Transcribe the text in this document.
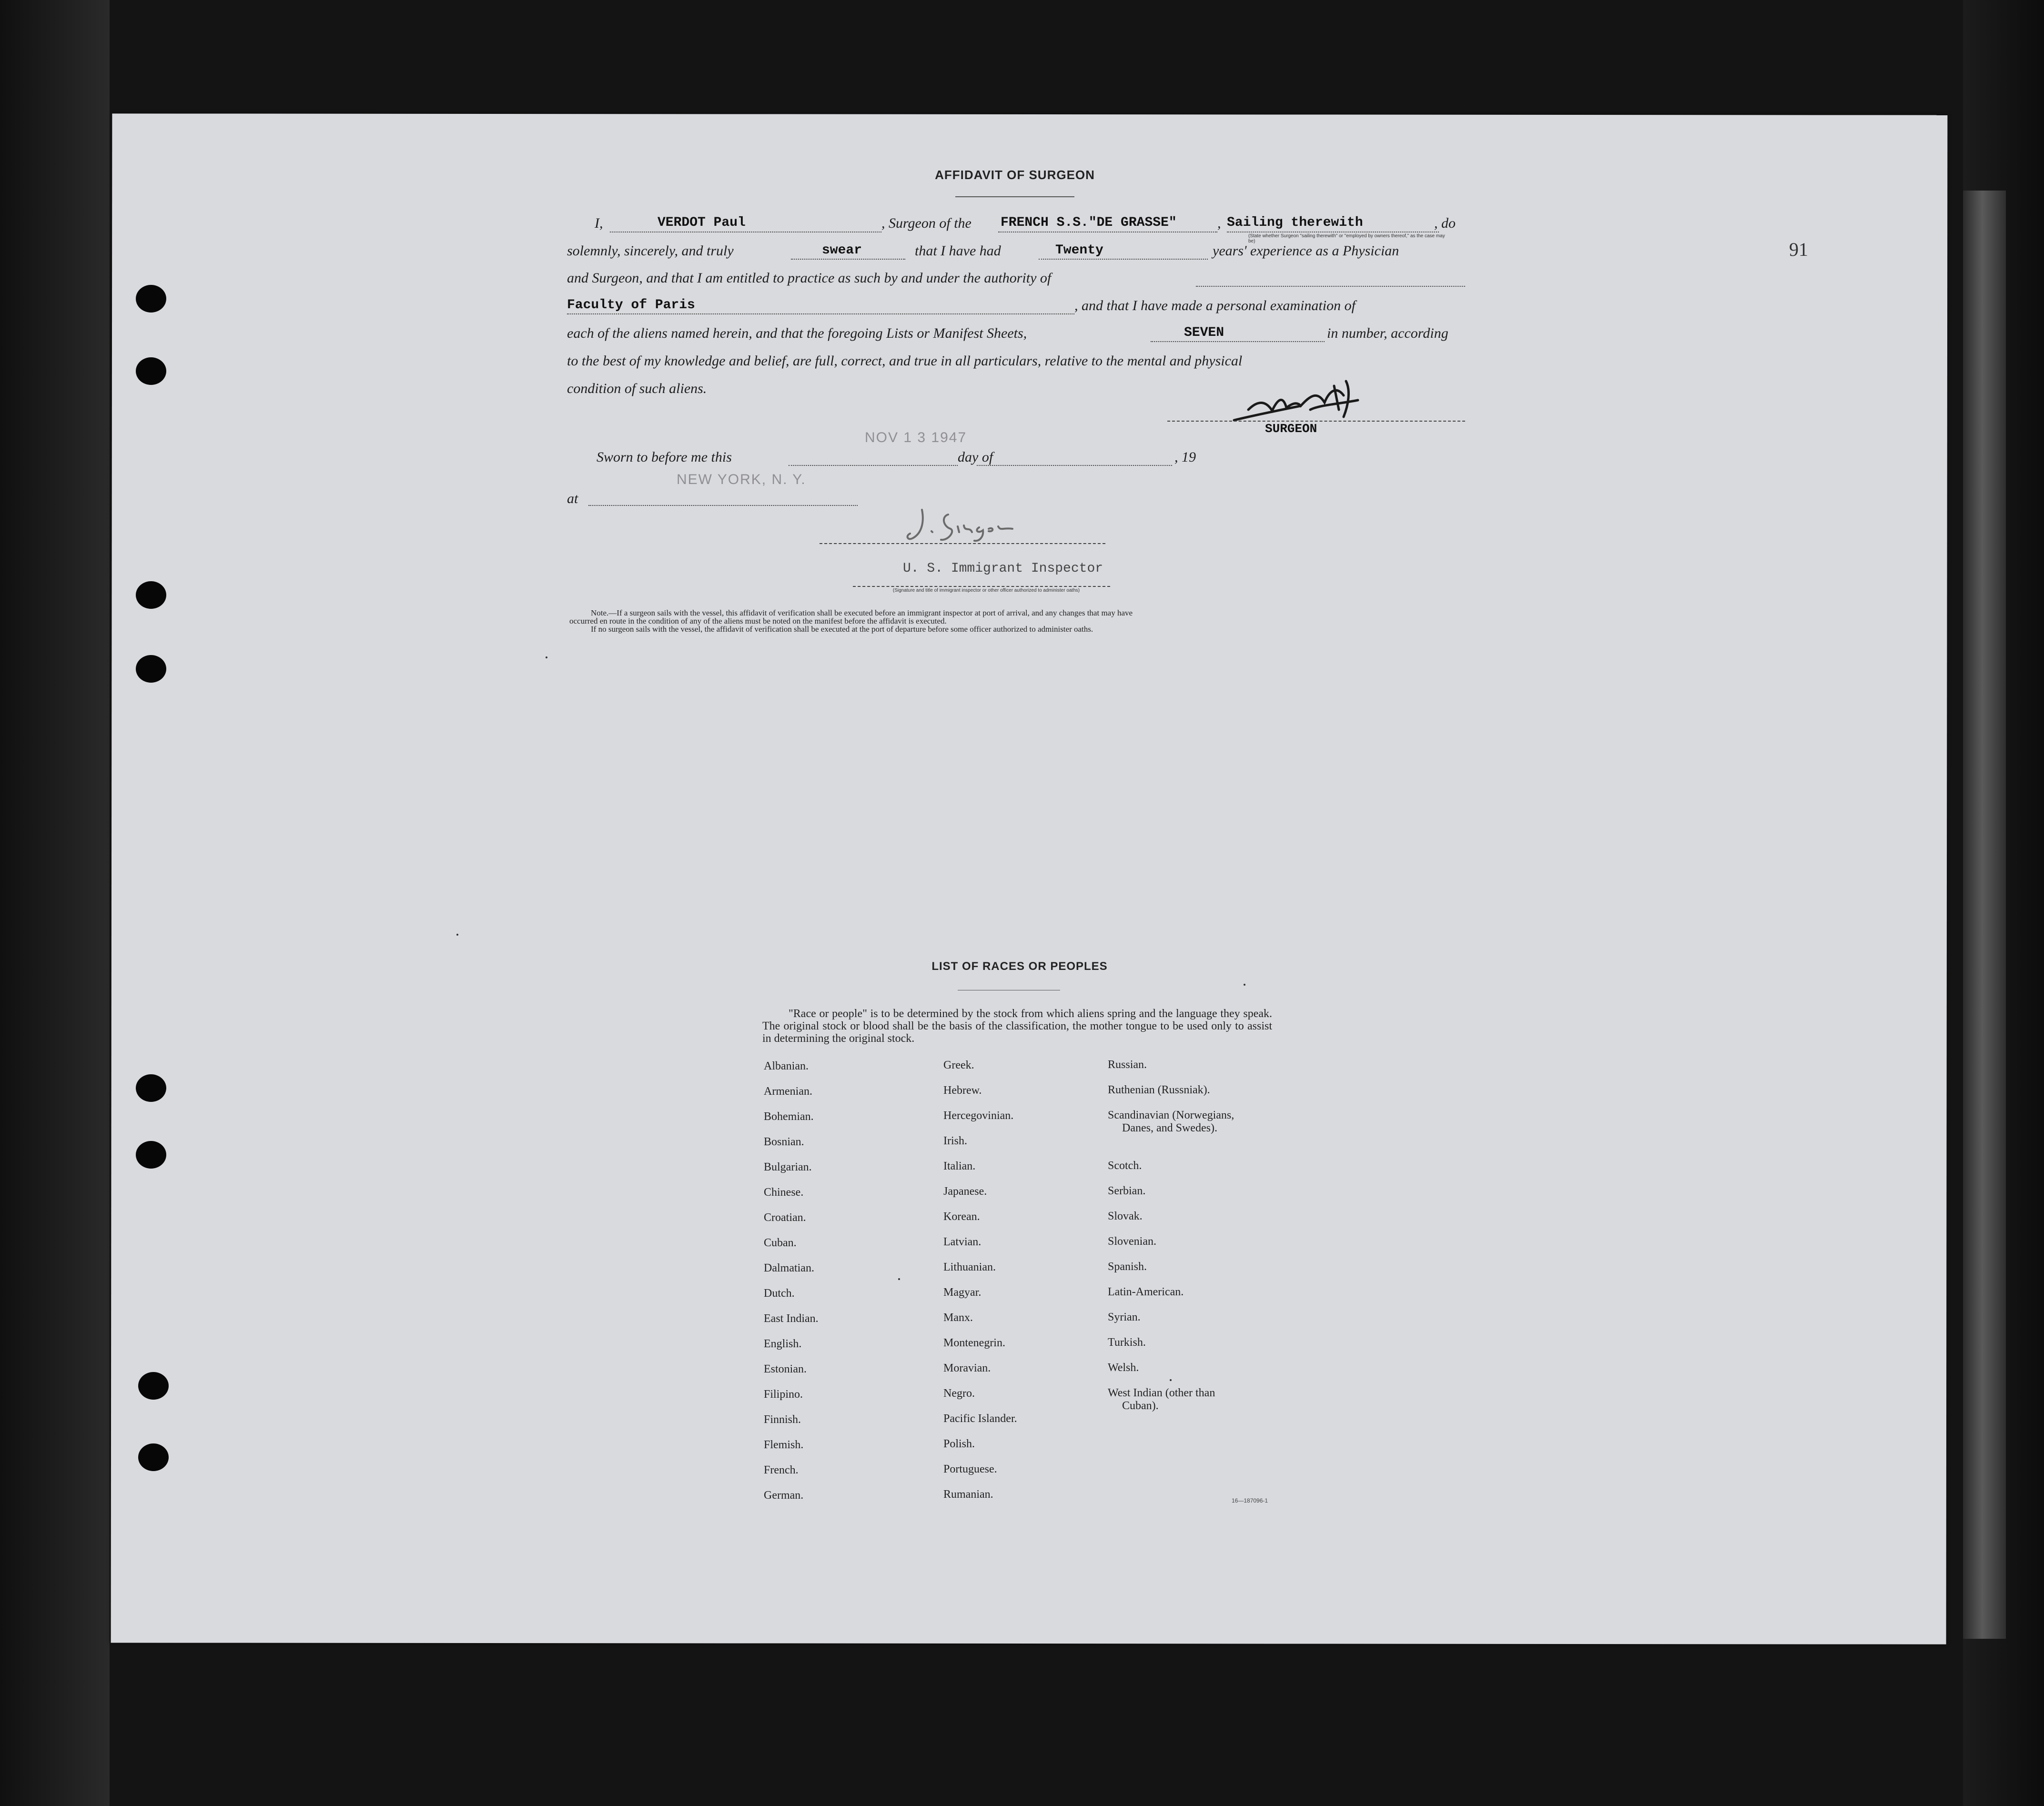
91
AFFIDAVIT OF SURGEON
I,	VERDOT Paul	, Surgeon of the FRENCH S.S."DE GRASSE"	, Sailing therewith	, do
(State whether Surgeon "sailing therewith" or "employed by owners thereof," as the case may be)
solemnly, sincerely, and truly	swear	that I have had	Twenty	years' experience as a Physician
and Surgeon, and that I am entitled to practice as such by and under the authority of
Faculty of Paris	, and that I have made a personal examination of
each of the aliens named herein, and that the foregoing Lists or Manifest Sheets,	SEVEN	in number, according
to the best of my knowledge and belief, are full, correct, and true in all particulars, relative to the mental and physical
condition of such aliens.
SURGEON
Sworn to before me this	day of	, 19
NOV 1 3 1947
at
NEW YORK, N. Y.
U. S. Immigrant Inspector
(Signature and title of immigrant inspector or other officer authorized to administer oaths)
Note.—If a surgeon sails with the vessel, this affidavit of verification shall be executed before an immigrant inspector at port of arrival, and any changes that may have
occurred en route in the condition of any of the aliens must be noted on the manifest before the affidavit is executed.
If no surgeon sails with the vessel, the affidavit of verification shall be executed at the port of departure before some officer authorized to administer oaths.
LIST OF RACES OR PEOPLES
"Race or people" is to be determined by the stock from which aliens spring and the language they speak. The original stock or blood shall be the basis of the classification, the mother tongue to be used only to assist in determining the original stock.
Albanian.
Armenian.
Bohemian.
Bosnian.
Bulgarian.
Chinese.
Croatian.
Cuban.
Dalmatian.
Dutch.
East Indian.
English.
Estonian.
Filipino.
Finnish.
Flemish.
French.
German.
Greek.
Hebrew.
Hercegovinian.
Irish.
Italian.
Japanese.
Korean.
Latvian.
Lithuanian.
Magyar.
Manx.
Montenegrin.
Moravian.
Negro.
Pacific Islander.
Polish.
Portuguese.
Rumanian.
Russian.
Ruthenian (Russniak).
Scandinavian (Norwegians,
Danes, and Swedes).
Scotch.
Serbian.
Slovak.
Slovenian.
Spanish.
Latin-American.
Syrian.
Turkish.
Welsh.
West Indian (other than
Cuban).
16—187096-1
